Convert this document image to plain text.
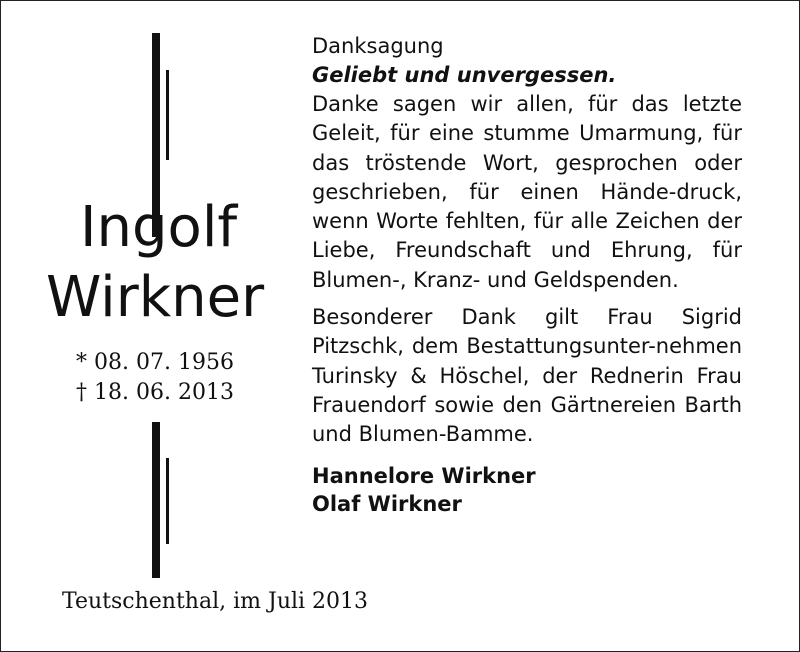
Ingolf
Wirkner
* 08. 07. 1956
† 18. 06. 2013

Danksagung

Geliebt und unvergessen.

Danke sagen wir allen, für das letzte Geleit, für eine stumme Umarmung, für das tröstende Wort, gesprochen oder geschrieben, für einen Hände-druck, wenn Worte fehlten, für alle Zeichen der Liebe, Freundschaft und Ehrung, für Blumen-, Kranz- und Geldspenden.

Besonderer Dank gilt Frau Sigrid Pitzschk, dem Bestattungsunter-nehmen Turinsky & Höschel, der Rednerin Frau Frauendorf sowie den Gärtnereien Barth und Blumen-Bamme.

Hannelore Wirkner

Olaf Wirkner

Teutschenthal, im Juli 2013
